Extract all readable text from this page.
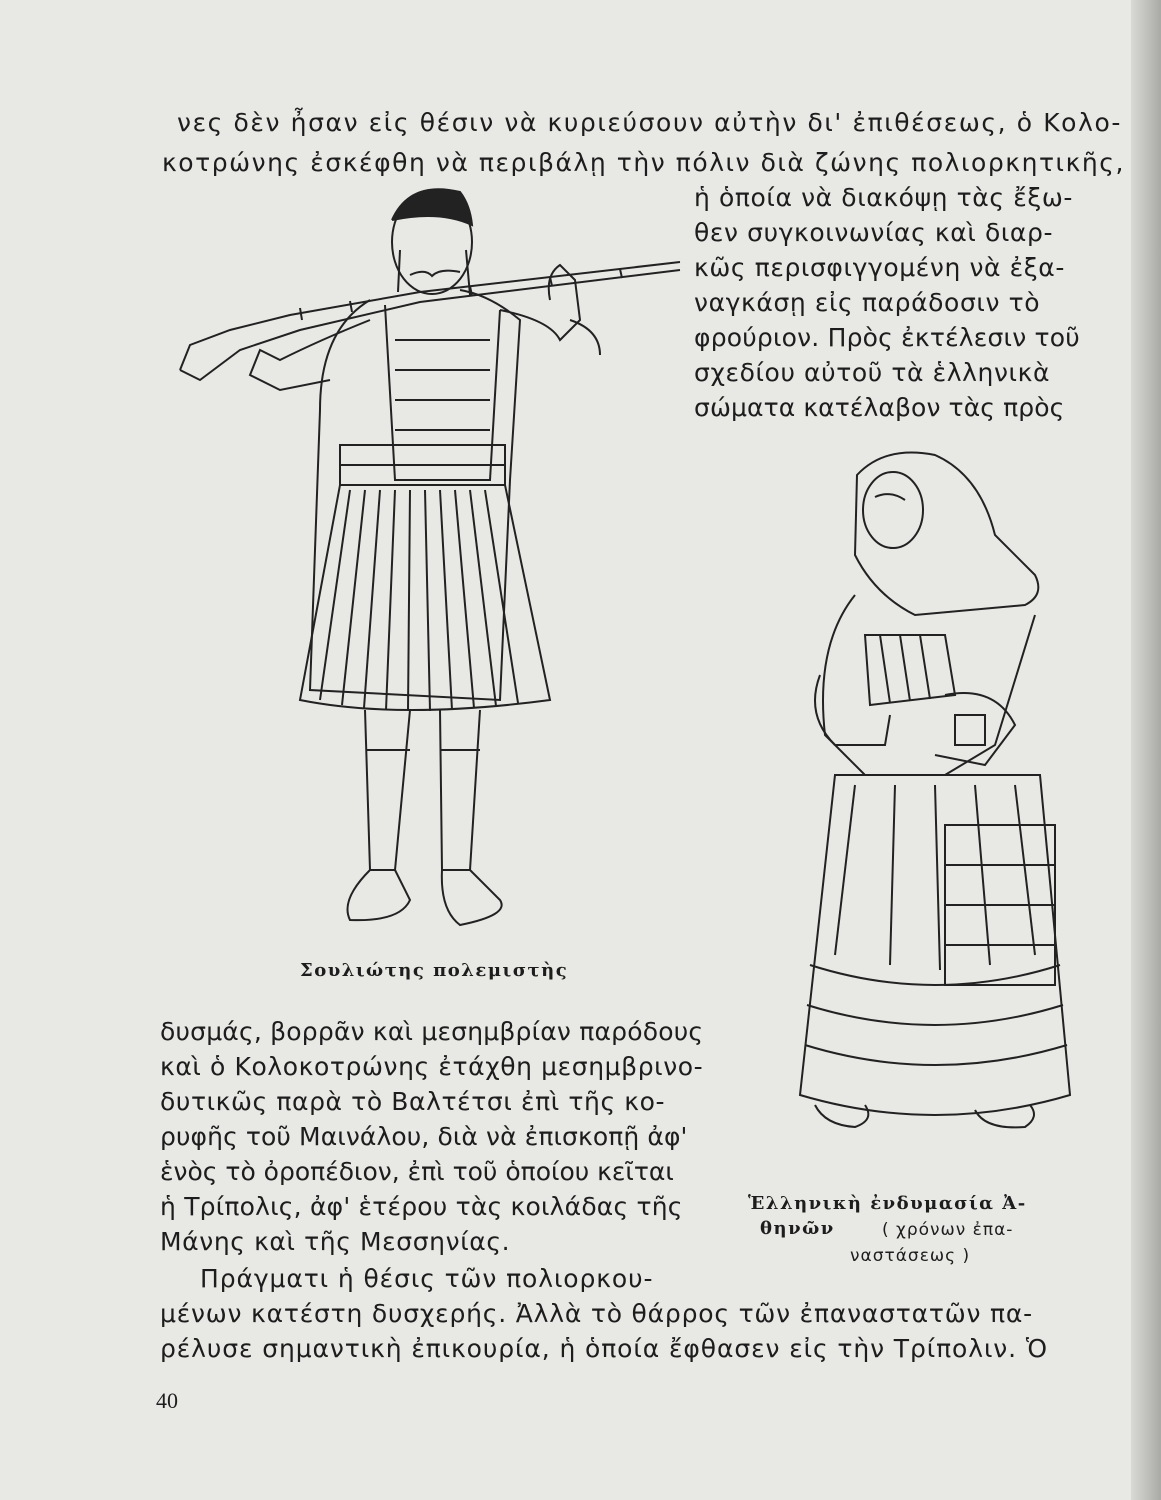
νες δὲν ἦσαν εἰς θέσιν νὰ κυριεύσουν αὐτὴν δι' ἐπιθέσεως, ὁ Κολο-
κοτρώνης ἐσκέφθη νὰ περιβάλῃ τὴν πόλιν διὰ ζώνης πολιορκητικῆς,
ἡ ὁποία νὰ διακόψῃ τὰς ἔξω-
θεν συγκοινωνίας καὶ διαρ-
κῶς περισφιγγομένη νὰ ἐξα-
ναγκάσῃ εἰς παράδοσιν τὸ
φρούριον. Πρὸς ἐκτέλεσιν τοῦ
σχεδίου αὐτοῦ τὰ ἑλληνικὰ
σώματα κατέλαβον τὰς πρὸς
δυσμάς, βορρᾶν καὶ μεσημβρίαν παρόδους
καὶ ὁ Κολοκοτρώνης ἐτάχθη μεσημβρινο-
δυτικῶς παρὰ τὸ Βαλτέτσι ἐπὶ τῆς κο-
ρυφῆς τοῦ Μαινάλου, διὰ νὰ ἐπισκοπῇ ἀφ'
ἑνὸς τὸ ὀροπέδιον, ἐπὶ τοῦ ὁποίου κεῖται
ἡ Τρίπολις, ἀφ' ἑτέρου τὰς κοιλάδας τῆς
Μάνης καὶ τῆς Μεσσηνίας.
Πράγματι ἡ θέσις τῶν πολιορκου-
μένων κατέστη δυσχερής. Ἀλλὰ τὸ θάρρος τῶν ἐπαναστατῶν πα-
ρέλυσε σημαντικὴ ἐπικουρία, ἡ ὁποία ἔφθασεν εἰς τὴν Τρίπολιν. Ὁ
Σουλιώτης πολεμιστὴς
Ἑλληνικὴ ἐνδυμασία Ἀ-
θηνῶν	( χρόνων ἐπα-
ναστάσεως )
40
